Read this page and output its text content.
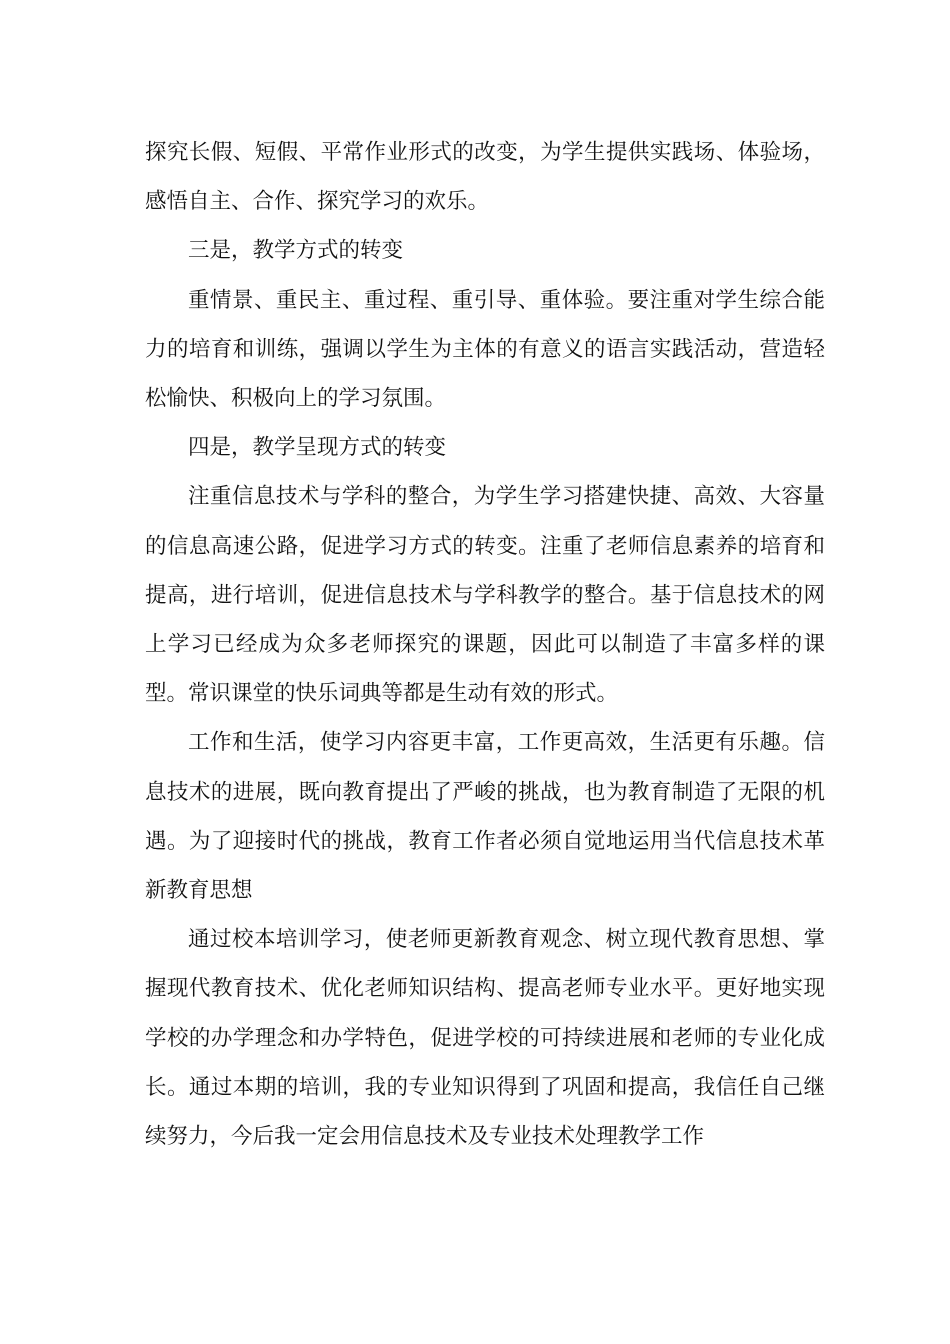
探究长假、短假、平常作业形式的改变，为学生提供实践场、体验场，感悟自主、合作、探究学习的欢乐。

三是，教学方式的转变

重情景、重民主、重过程、重引导、重体验。要注重对学生综合能力的培育和训练，强调以学生为主体的有意义的语言实践活动，营造轻松愉快、积极向上的学习氛围。

四是，教学呈现方式的转变

注重信息技术与学科的整合，为学生学习搭建快捷、高效、大容量的信息高速公路，促进学习方式的转变。注重了老师信息素养的培育和提高，进行培训，促进信息技术与学科教学的整合。基于信息技术的网上学习已经成为众多老师探究的课题，因此可以制造了丰富多样的课型。常识课堂的快乐词典等都是生动有效的形式。

工作和生活，使学习内容更丰富，工作更高效，生活更有乐趣。信息技术的进展，既向教育提出了严峻的挑战，也为教育制造了无限的机遇。为了迎接时代的挑战，教育工作者必须自觉地运用当代信息技术革新教育思想

通过校本培训学习，使老师更新教育观念、树立现代教育思想、掌握现代教育技术、优化老师知识结构、提高老师专业水平。更好地实现学校的办学理念和办学特色，促进学校的可持续进展和老师的专业化成长。通过本期的培训，我的专业知识得到了巩固和提高，我信任自己继续努力，今后我一定会用信息技术及专业技术处理教学工作
